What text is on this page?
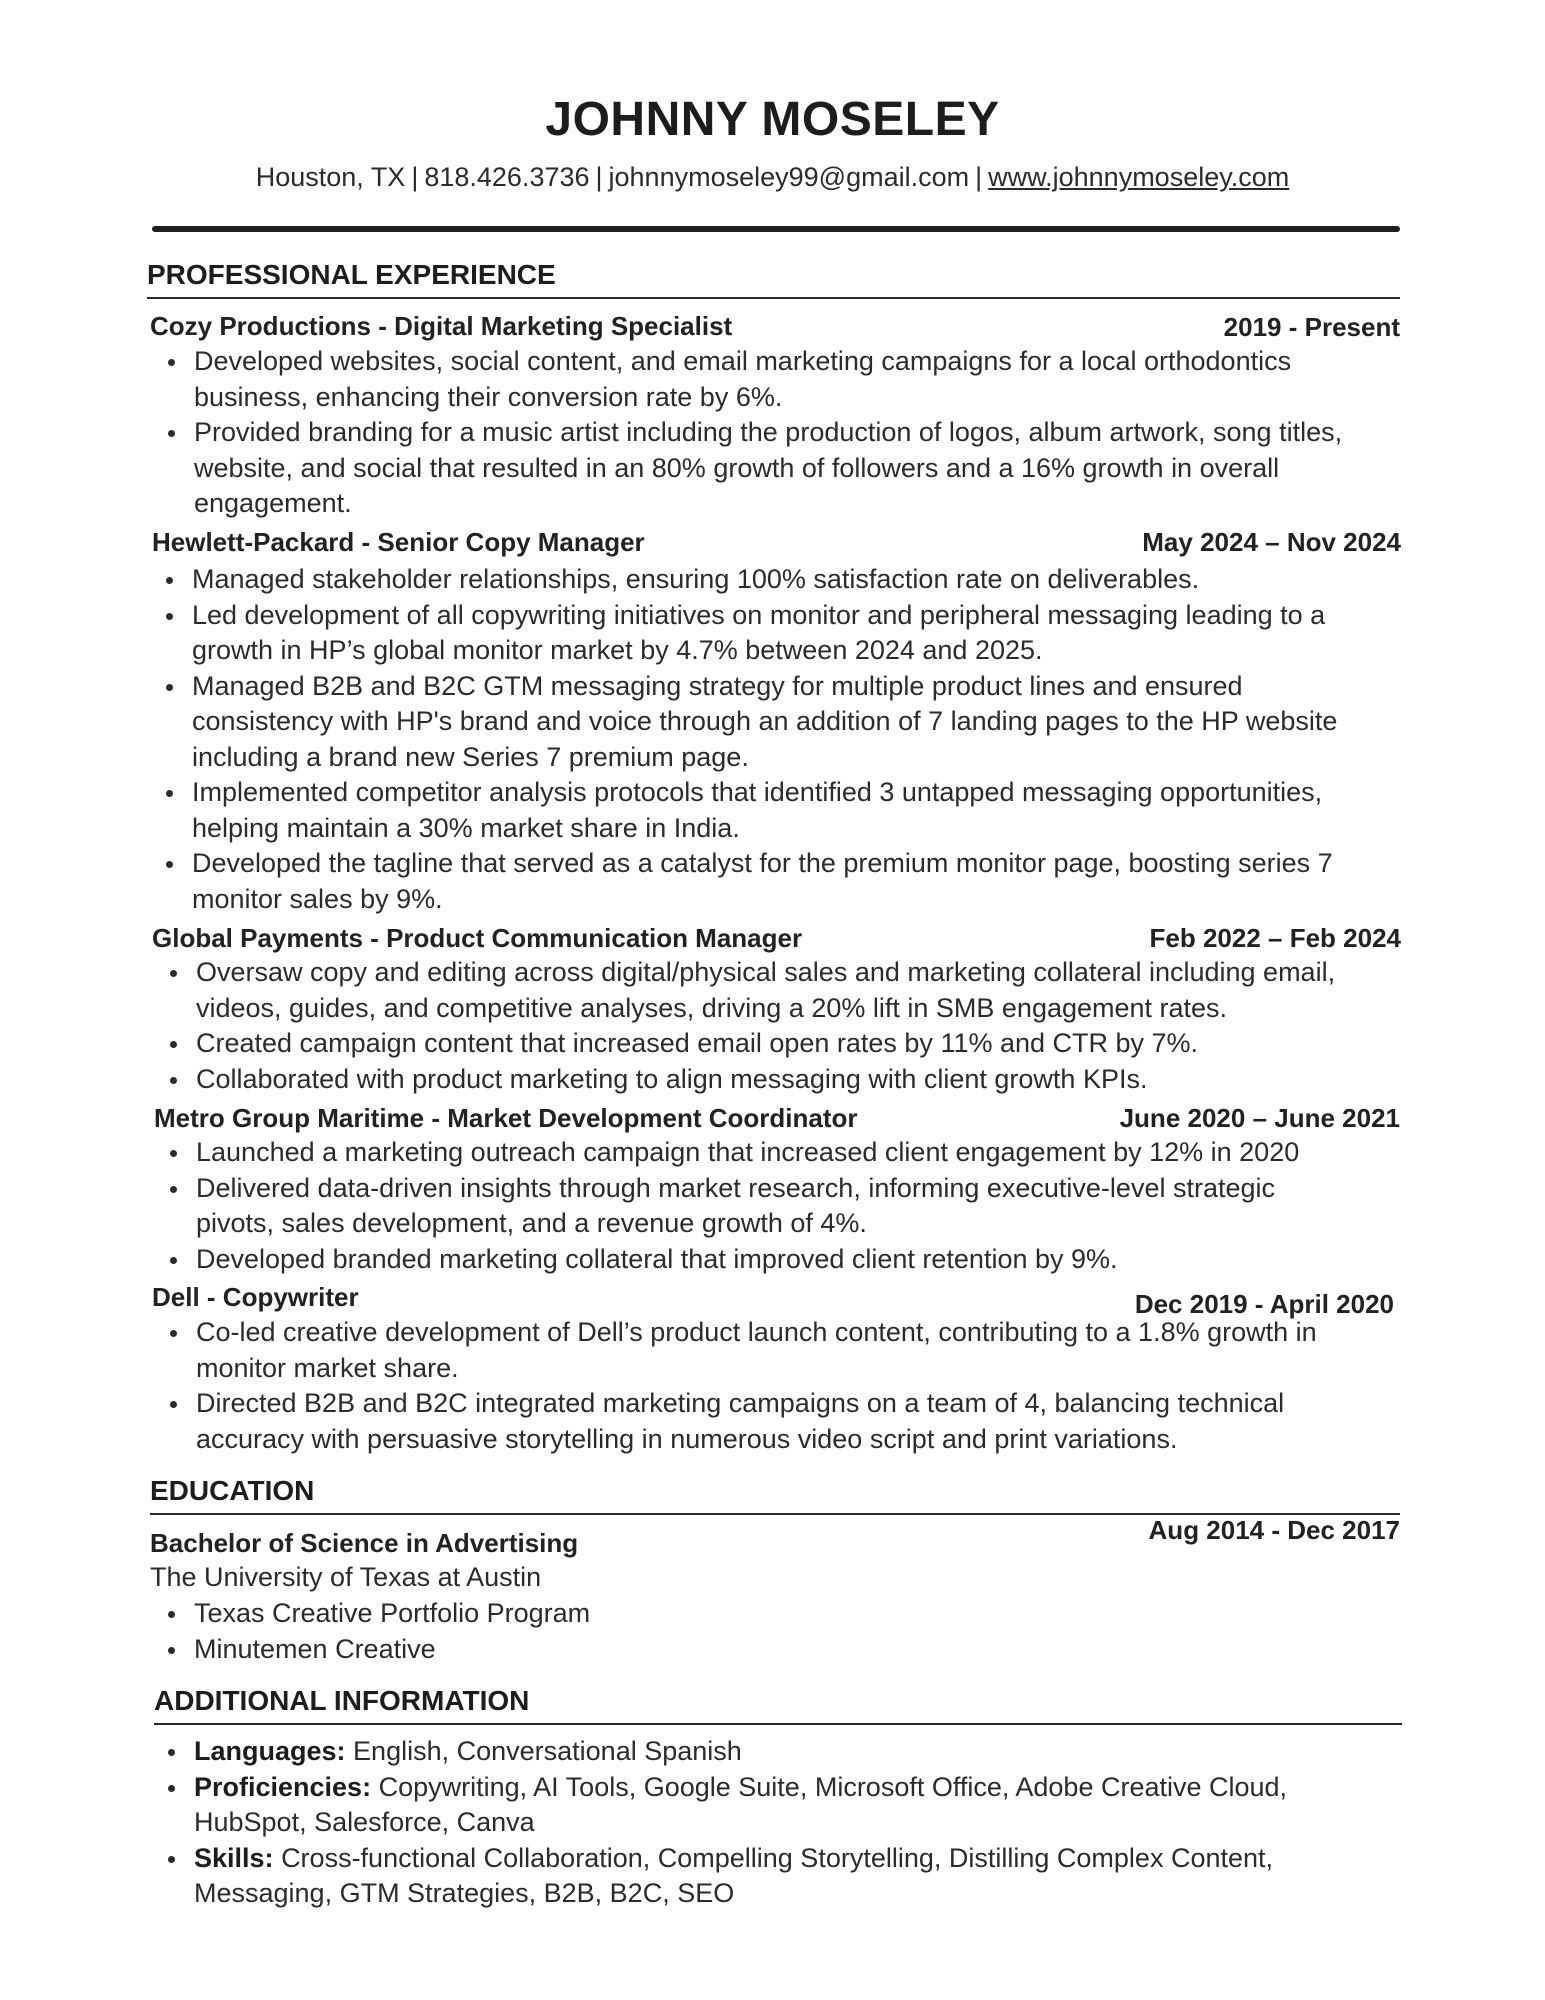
JOHNNY MOSELEY
Houston, TX | 818.426.3736 | johnnymoseley99@gmail.com | www.johnnymoseley.com
PROFESSIONAL EXPERIENCE
Cozy Productions - Digital Marketing Specialist	2019 - Present
Developed websites, social content, and email marketing campaigns for a local orthodontics business, enhancing their conversion rate by 6%.
Provided branding for a music artist including the production of logos, album artwork, song titles, website, and social that resulted in an 80% growth of followers and a 16% growth in overall engagement.
Hewlett-Packard - Senior Copy Manager	May 2024 – Nov 2024
Managed stakeholder relationships, ensuring 100% satisfaction rate on deliverables.
Led development of all copywriting initiatives on monitor and peripheral messaging leading to a growth in HP’s global monitor market by 4.7% between 2024 and 2025.
Managed B2B and B2C GTM messaging strategy for multiple product lines and ensured consistency with HP's brand and voice through an addition of 7 landing pages to the HP website including a brand new Series 7 premium page.
Implemented competitor analysis protocols that identified 3 untapped messaging opportunities, helping maintain a 30% market share in India.
Developed the tagline that served as a catalyst for the premium monitor page, boosting series 7 monitor sales by 9%.
Global Payments - Product Communication Manager	Feb 2022 – Feb 2024
Oversaw copy and editing across digital/physical sales and marketing collateral including email, videos, guides, and competitive analyses, driving a 20% lift in SMB engagement rates.
Created campaign content that increased email open rates by 11% and CTR by 7%.
Collaborated with product marketing to align messaging with client growth KPIs.
Metro Group Maritime - Market Development Coordinator	June 2020 – June 2021
Launched a marketing outreach campaign that increased client engagement by 12% in 2020
Delivered data-driven insights through market research, informing executive-level strategic pivots, sales development, and a revenue growth of 4%.
Developed branded marketing collateral that improved client retention by 9%.
Dell - Copywriter	Dec 2019 - April 2020
Co-led creative development of Dell’s product launch content, contributing to a 1.8% growth in monitor market share.
Directed B2B and B2C integrated marketing campaigns on a team of 4, balancing technical accuracy with persuasive storytelling in numerous video script and print variations.
EDUCATION
Bachelor of Science in Advertising	Aug 2014 - Dec 2017
The University of Texas at Austin
Texas Creative Portfolio Program
Minutemen Creative
ADDITIONAL INFORMATION
Languages: English, Conversational Spanish
Proficiencies: Copywriting, AI Tools, Google Suite, Microsoft Office, Adobe Creative Cloud, HubSpot, Salesforce, Canva
Skills: Cross-functional Collaboration, Compelling Storytelling, Distilling Complex Content, Messaging, GTM Strategies, B2B, B2C, SEO
